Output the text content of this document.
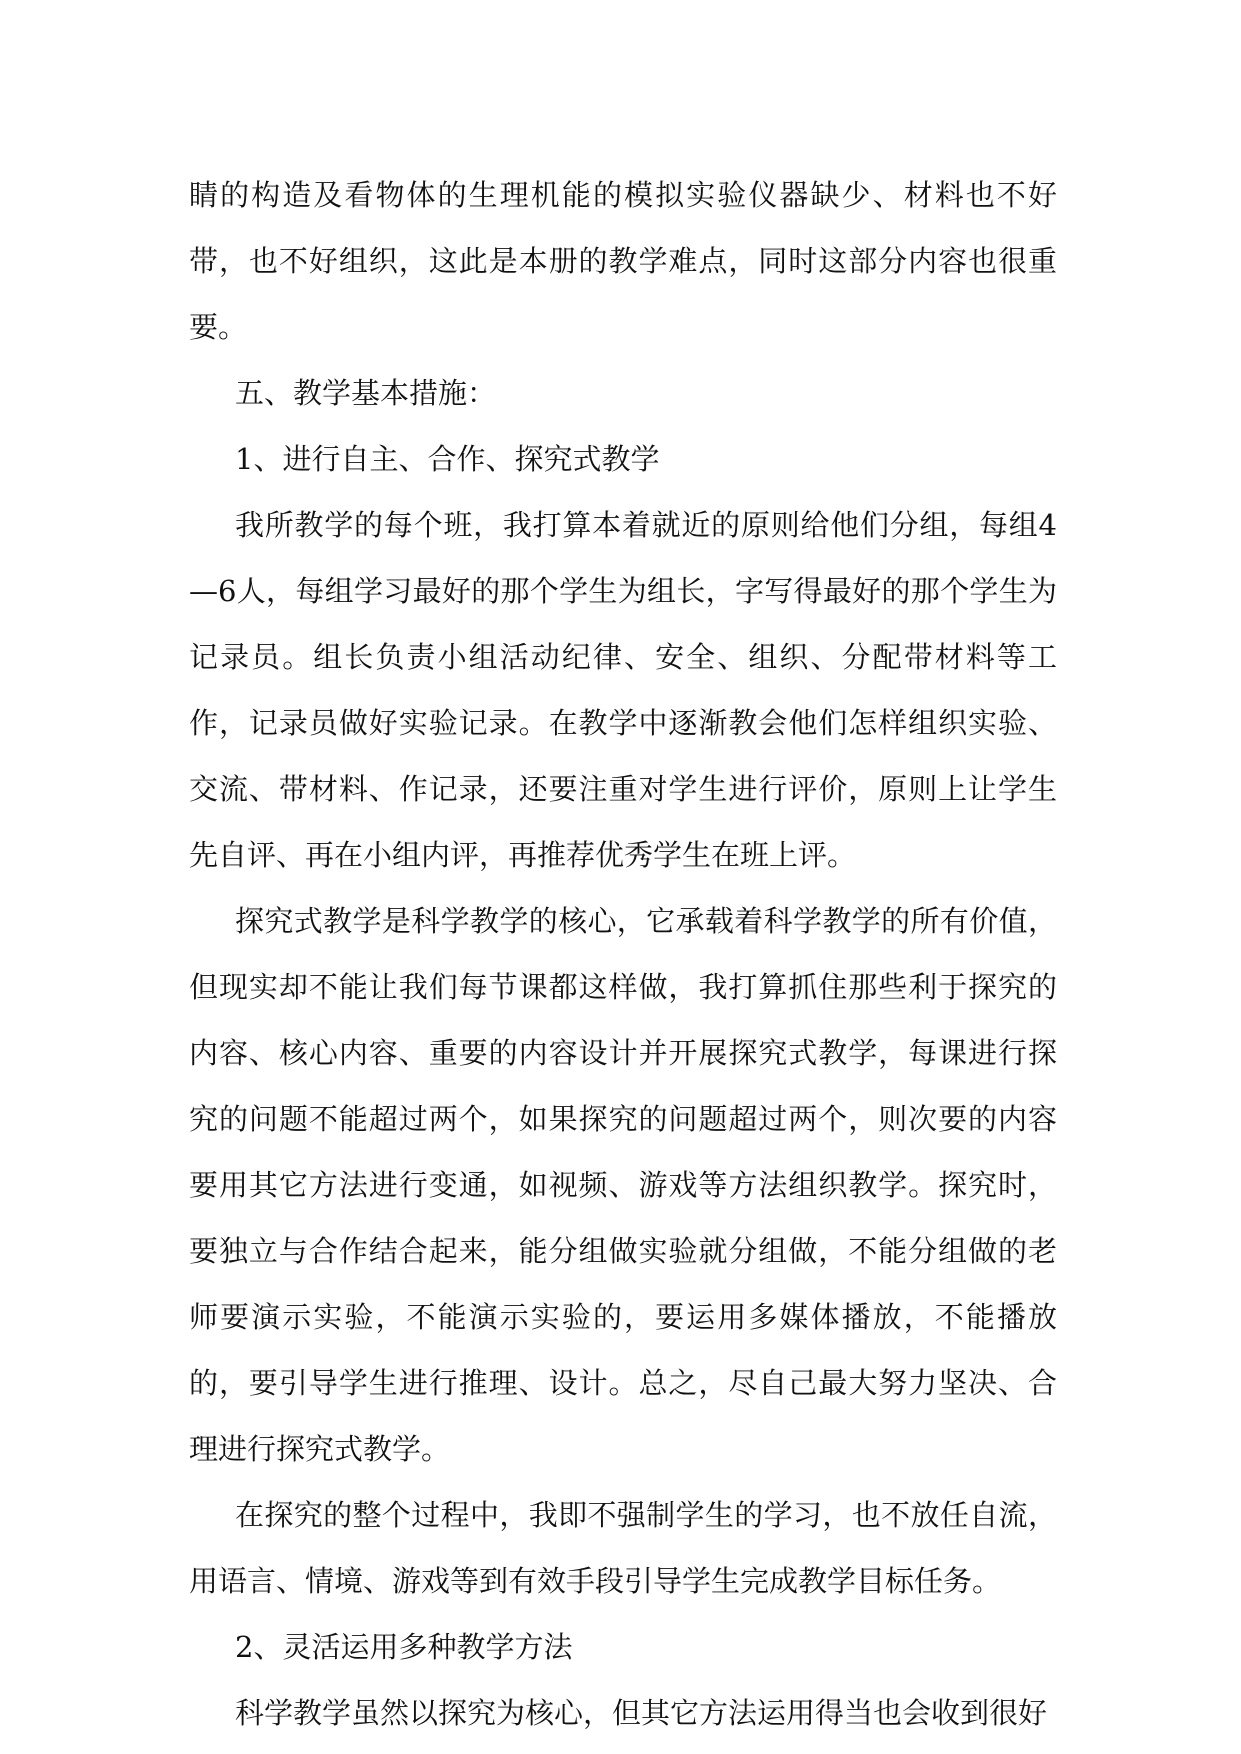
睛的构造及看物体的生理机能的模拟实验仪器缺少、材料也不好带，也不好组织，这此是本册的教学难点，同时这部分内容也很重要。

五、教学基本措施：

1、进行自主、合作、探究式教学

我所教学的每个班，我打算本着就近的原则给他们分组，每组4—6人，每组学习最好的那个学生为组长，字写得最好的那个学生为记录员。组长负责小组活动纪律、安全、组织、分配带材料等工作，记录员做好实验记录。在教学中逐渐教会他们怎样组织实验、交流、带材料、作记录，还要注重对学生进行评价，原则上让学生先自评、再在小组内评，再推荐优秀学生在班上评。

探究式教学是科学教学的核心，它承载着科学教学的所有价值，但现实却不能让我们每节课都这样做，我打算抓住那些利于探究的内容、核心内容、重要的内容设计并开展探究式教学，每课进行探究的问题不能超过两个，如果探究的问题超过两个，则次要的内容要用其它方法进行变通，如视频、游戏等方法组织教学。探究时，要独立与合作结合起来，能分组做实验就分组做，不能分组做的老师要演示实验，不能演示实验的，要运用多媒体播放，不能播放的，要引导学生进行推理、设计。总之，尽自己最大努力坚决、合理进行探究式教学。

在探究的整个过程中，我即不强制学生的学习，也不放任自流，用语言、情境、游戏等到有效手段引导学生完成教学目标任务。

2、灵活运用多种教学方法

科学教学虽然以探究为核心，但其它方法运用得当也会收到很好
